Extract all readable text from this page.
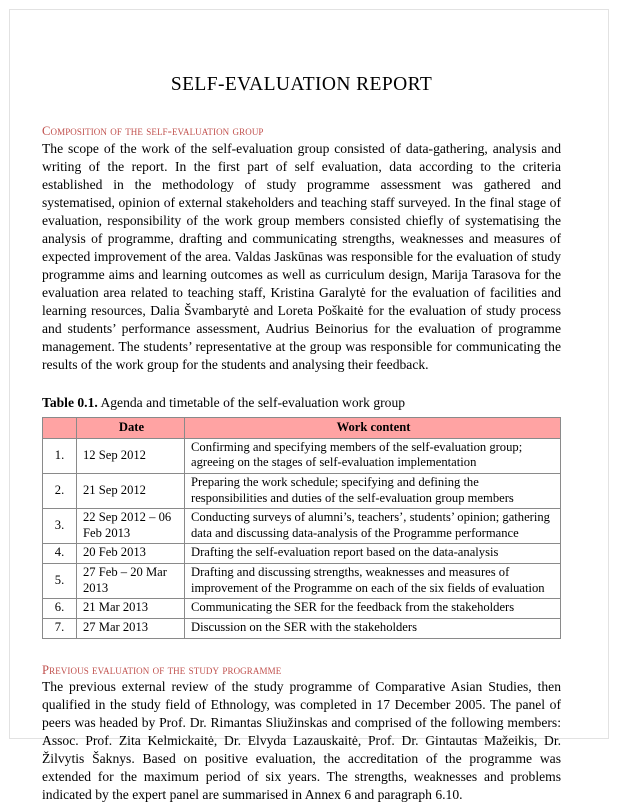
SELF-EVALUATION REPORT
Composition of the self-evaluation group

The scope of the work of the self-evaluation group consisted of data-gathering, analysis and writing of the report. In the first part of self evaluation, data according to the criteria established in the methodology of study programme assessment was gathered and systematised, opinion of external stakeholders and teaching staff surveyed. In the final stage of evaluation, responsibility of the work group members consisted chiefly of systematising the analysis of programme, drafting and communicating strengths, weaknesses and measures of expected improvement of the area. Valdas Jaskūnas was responsible for the evaluation of study programme aims and learning outcomes as well as curriculum design, Marija Tarasova for the evaluation area related to teaching staff, Kristina Garalytė for the evaluation of facilities and learning resources, Dalia Švambarytė and Loreta Poškaitė for the evaluation of study process and students’ performance assessment, Audrius Beinorius for the evaluation of programme management. The students’ representative at the group was responsible for communicating the results of the work group for the students and analysing their feedback.

Table 0.1. Agenda and timetable of the self-evaluation work group

	Date	Work content
1.	12 Sep 2012	Confirming and specifying members of the self-evaluation group; agreeing on the stages of self-evaluation implementation
2.	21 Sep 2012	Preparing the work schedule; specifying and defining the responsibilities and duties of the self-evaluation group members
3.	22 Sep 2012 – 06 Feb 2013	Conducting surveys of alumni’s, teachers’, students’ opinion; gathering data and discussing data-analysis of the Programme performance
4.	20 Feb 2013	Drafting the self-evaluation report based on the data-analysis
5.	27 Feb – 20 Mar 2013	Drafting and discussing strengths, weaknesses and measures of improvement of the Programme on each of the six fields of evaluation
6.	21 Mar 2013	Communicating the SER for the feedback from the stakeholders
7.	27 Mar 2013	Discussion on the SER with the stakeholders
Previous evaluation of the study programme

The previous external review of the study programme of Comparative Asian Studies, then qualified in the study field of Ethnology, was completed in 17 December 2005. The panel of peers was headed by Prof. Dr. Rimantas Sliužinskas and comprised of the following members: Assoc. Prof. Zita Kelmickaitė, Dr. Elvyda Lazauskaitė, Prof. Dr. Gintautas Mažeikis, Dr. Žilvytis Šaknys. Based on positive evaluation, the accreditation of the programme was extended for the maximum period of six years. The strengths, weaknesses and problems indicated by the expert panel are summarised in Annex 6 and paragraph 6.10.
